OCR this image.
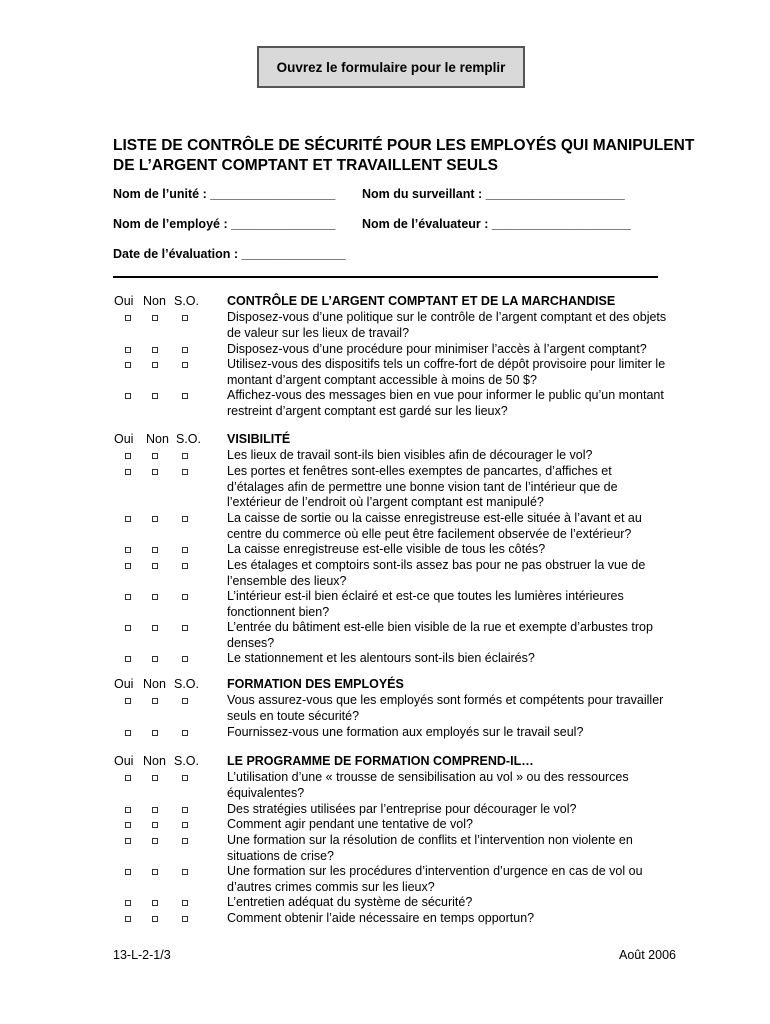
Ouvrez le formulaire pour le remplir
LISTE DE CONTRÔLE DE SÉCURITÉ POUR LES EMPLOYÉS QUI MANIPULENT DE L’ARGENT COMPTANT ET TRAVAILLENT SEULS
Nom de l’unité : __________________ Nom du surveillant : ____________________
Nom de l’employé : _______________ Nom de l’évaluateur : ____________________
Date de l’évaluation : _______________
Oui Non S.O. CONTRÔLE DE L’ARGENT COMPTANT ET DE LA MARCHANDISE
Disposez-vous d’une politique sur le contrôle de l’argent comptant et des objets de valeur sur les lieux de travail?
Disposez-vous d’une procédure pour minimiser l’accès à l’argent comptant?
Utilisez-vous des dispositifs tels un coffre-fort de dépôt provisoire pour limiter le montant d’argent comptant accessible à moins de 50 $?
Affichez-vous des messages bien en vue pour informer le public qu’un montant restreint d’argent comptant est gardé sur les lieux?
Oui Non S.O. VISIBILITÉ
Les lieux de travail sont-ils bien visibles afin de décourager le vol?
Les portes et fenêtres sont-elles exemptes de pancartes, d’affiches et d’étalages afin de permettre une bonne vision tant de l’intérieur que de l’extérieur de l’endroit où l’argent comptant est manipulé?
La caisse de sortie ou la caisse enregistreuse est-elle située à l’avant et au centre du commerce où elle peut être facilement observée de l’extérieur?
La caisse enregistreuse est-elle visible de tous les côtés?
Les étalages et comptoirs sont-ils assez bas pour ne pas obstruer la vue de l’ensemble des lieux?
L’intérieur est-il bien éclairé et est-ce que toutes les lumières intérieures fonctionnent bien?
L’entrée du bâtiment est-elle bien visible de la rue et exempte d’arbustes trop denses?
Le stationnement et les alentours sont-ils bien éclairés?
Oui Non S.O. FORMATION DES EMPLOYÉS
Vous assurez-vous que les employés sont formés et compétents pour travailler seuls en toute sécurité?
Fournissez-vous une formation aux employés sur le travail seul?
Oui Non S.O. LE PROGRAMME DE FORMATION COMPREND-IL…
L’utilisation d’une « trousse de sensibilisation au vol » ou des ressources équivalentes?
Des stratégies utilisées par l’entreprise pour décourager le vol?
Comment agir pendant une tentative de vol?
Une formation sur la résolution de conflits et l’intervention non violente en situations de crise?
Une formation sur les procédures d’intervention d’urgence en cas de vol ou d’autres crimes commis sur les lieux?
L’entretien adéquat du système de sécurité?
Comment obtenir l’aide nécessaire en temps opportun?
13-L-2-1/3	Août 2006
